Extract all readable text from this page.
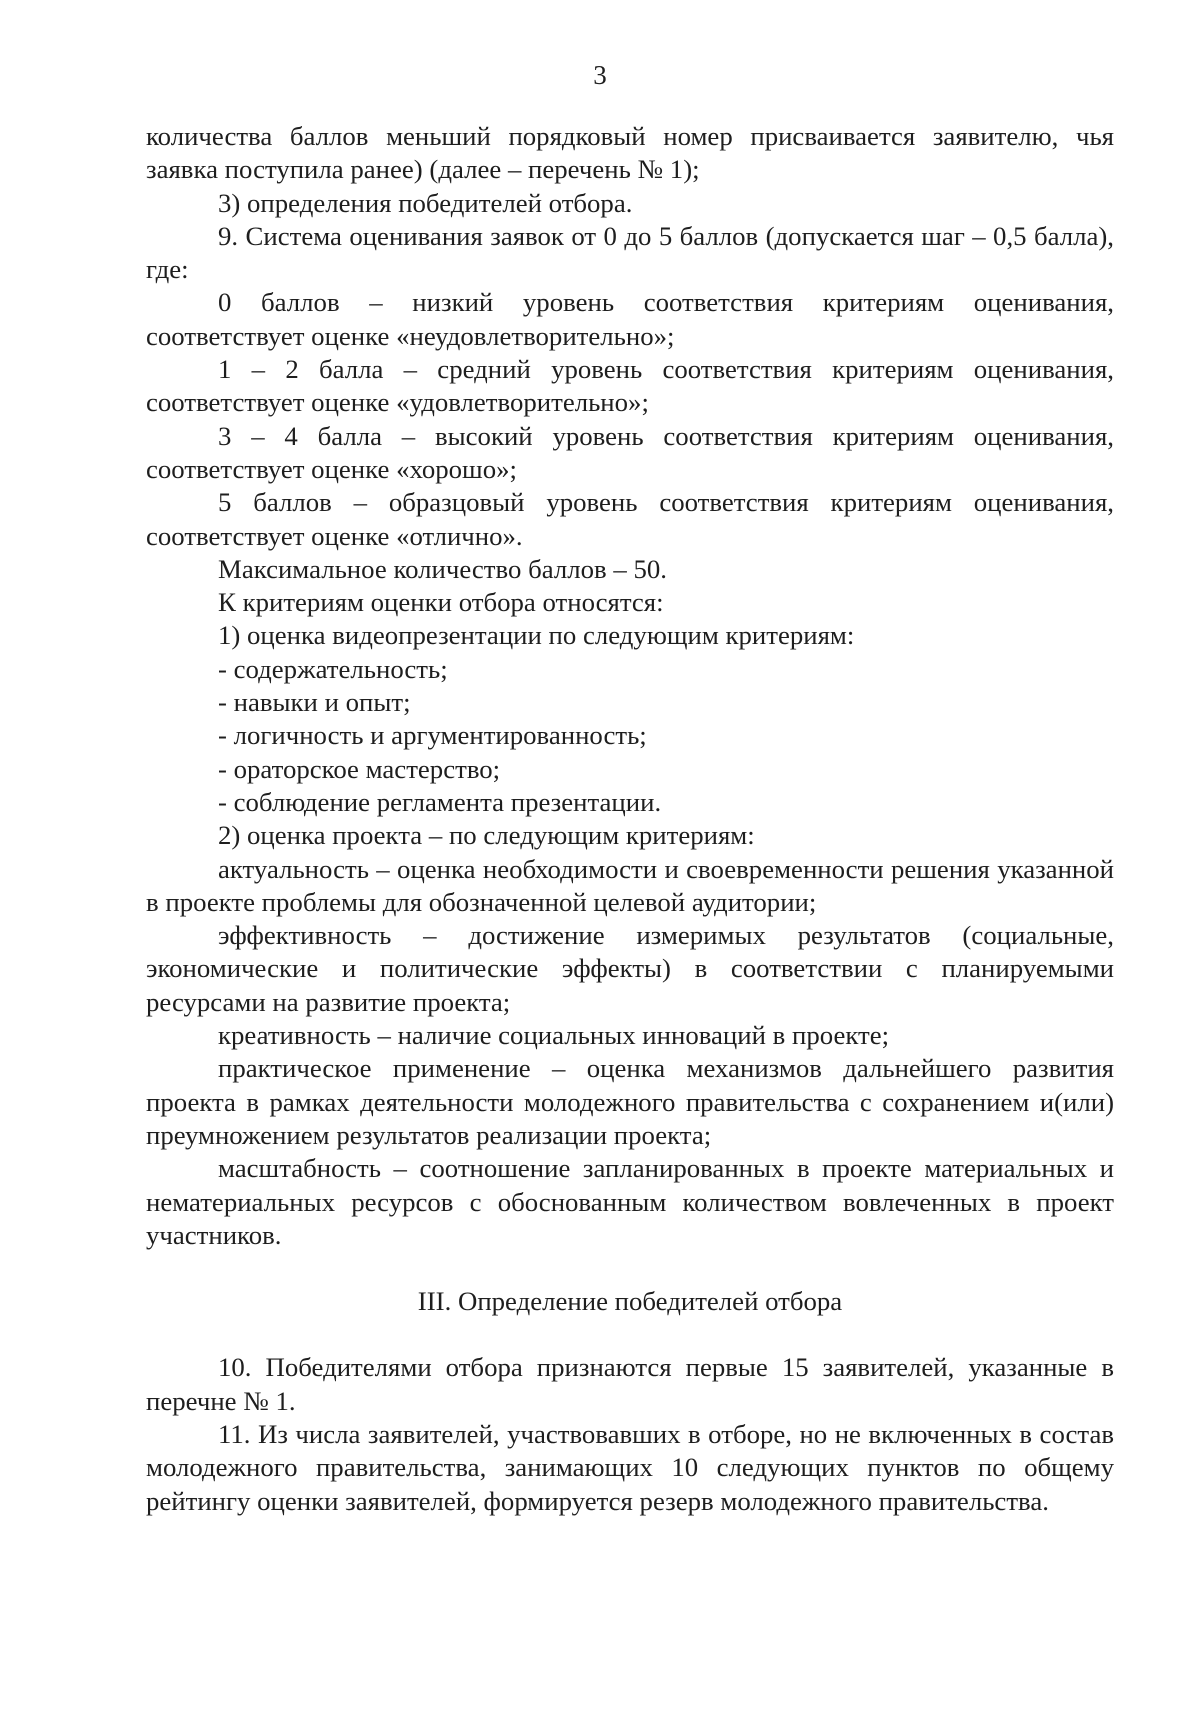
3

количества баллов меньший порядковый номер присваивается заявителю, чья заявка поступила ранее) (далее – перечень № 1);

3) определения победителей отбора.

9. Система оценивания заявок от 0 до 5 баллов (допускается шаг – 0,5 балла), где:

0 баллов – низкий уровень соответствия критериям оценивания, соответствует оценке «неудовлетворительно»;

1 – 2 балла – средний уровень соответствия критериям оценивания, соответствует оценке «удовлетворительно»;

3 – 4 балла – высокий уровень соответствия критериям оценивания, соответствует оценке «хорошо»;

5 баллов – образцовый уровень соответствия критериям оценивания, соответствует оценке «отлично».

Максимальное количество баллов – 50.

К критериям оценки отбора относятся:

1) оценка видеопрезентации по следующим критериям:

- содержательность;

- навыки и опыт;

- логичность и аргументированность;

- ораторское мастерство;

- соблюдение регламента презентации.

2) оценка проекта – по следующим критериям:

актуальность – оценка необходимости и своевременности решения указанной в проекте проблемы для обозначенной целевой аудитории;

эффективность – достижение измеримых результатов (социальные, экономические и политические эффекты) в соответствии с планируемыми ресурсами на развитие проекта;

креативность – наличие социальных инноваций в проекте;

практическое применение – оценка механизмов дальнейшего развития проекта в рамках деятельности молодежного правительства с сохранением и(или) преумножением результатов реализации проекта;

масштабность – соотношение запланированных в проекте материальных и нематериальных ресурсов с обоснованным количеством вовлеченных в проект участников.

III. Определение победителей отбора

10. Победителями отбора признаются первые 15 заявителей, указанные в перечне № 1.

11. Из числа заявителей, участвовавших в отборе, но не включенных в состав молодежного правительства, занимающих 10 следующих пунктов по общему рейтингу оценки заявителей, формируется резерв молодежного правительства.
